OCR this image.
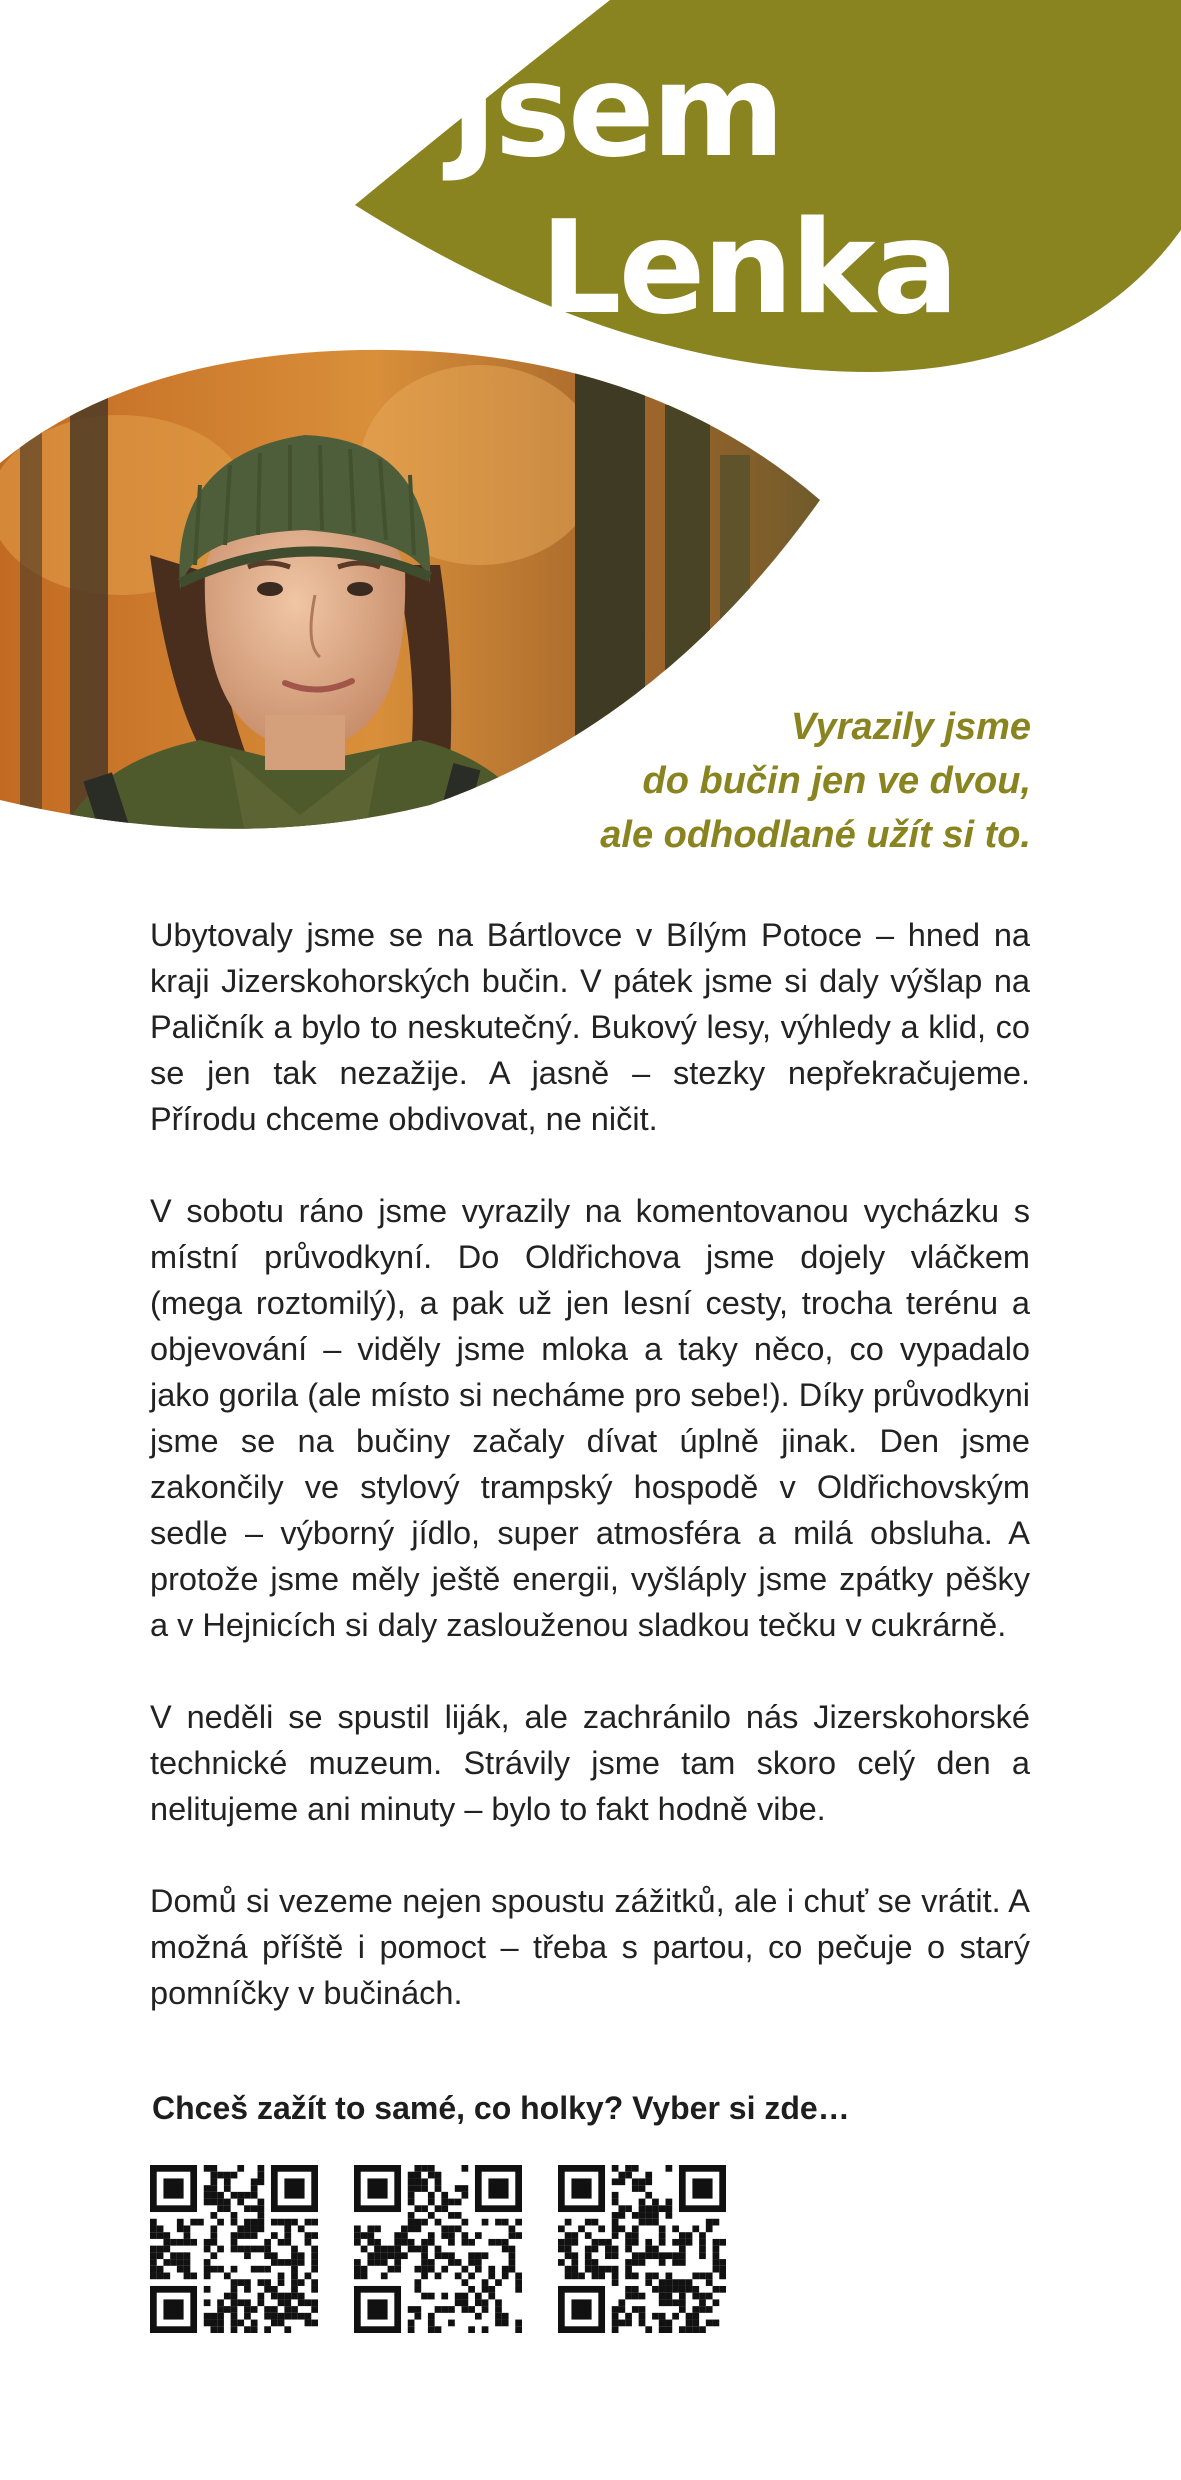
Jsem
Lenka
Vyrazily jsme
do bučin jen ve dvou,
ale odhodlané užít si to.

Ubytovaly jsme se na Bártlovce v Bílým Potoce – hned na kraji Jizerskohorských bučin. V pátek jsme si daly výšlap na Paličník a bylo to neskutečný. Bukový lesy, výhledy a klid, co se jen tak nezažije. A jasně – stezky nepřekračujeme. Přírodu chceme obdivovat, ne ničit.

V sobotu ráno jsme vyrazily na komentovanou vycházku s místní průvodkyní. Do Oldřichova jsme dojely vláčkem (mega roztomilý), a pak už jen lesní cesty, trocha terénu a objevování – viděly jsme mloka a taky něco, co vypadalo jako gorila (ale místo si necháme pro sebe!). Díky průvodkyni jsme se na bučiny začaly dívat úplně jinak. Den jsme zakončily ve stylový trampský hospodě v Oldřichovským sedle – výborný jídlo, super atmosféra a milá obsluha. A protože jsme měly ještě energii, vyšláply jsme zpátky pěšky a v Hejnicích si daly zaslouženou sladkou tečku v cukrárně.

V neděli se spustil liják, ale zachránilo nás Jizerskohorské technické muzeum. Strávily jsme tam skoro celý den a nelitujeme ani minuty – bylo to fakt hodně vibe.

Domů si vezeme nejen spoustu zážitků, ale i chuť se vrátit. A možná příště i pomoct – třeba s partou, co pečuje o starý pomníčky v bučinách.

Chceš zažít to samé, co holky? Vyber si zde…
